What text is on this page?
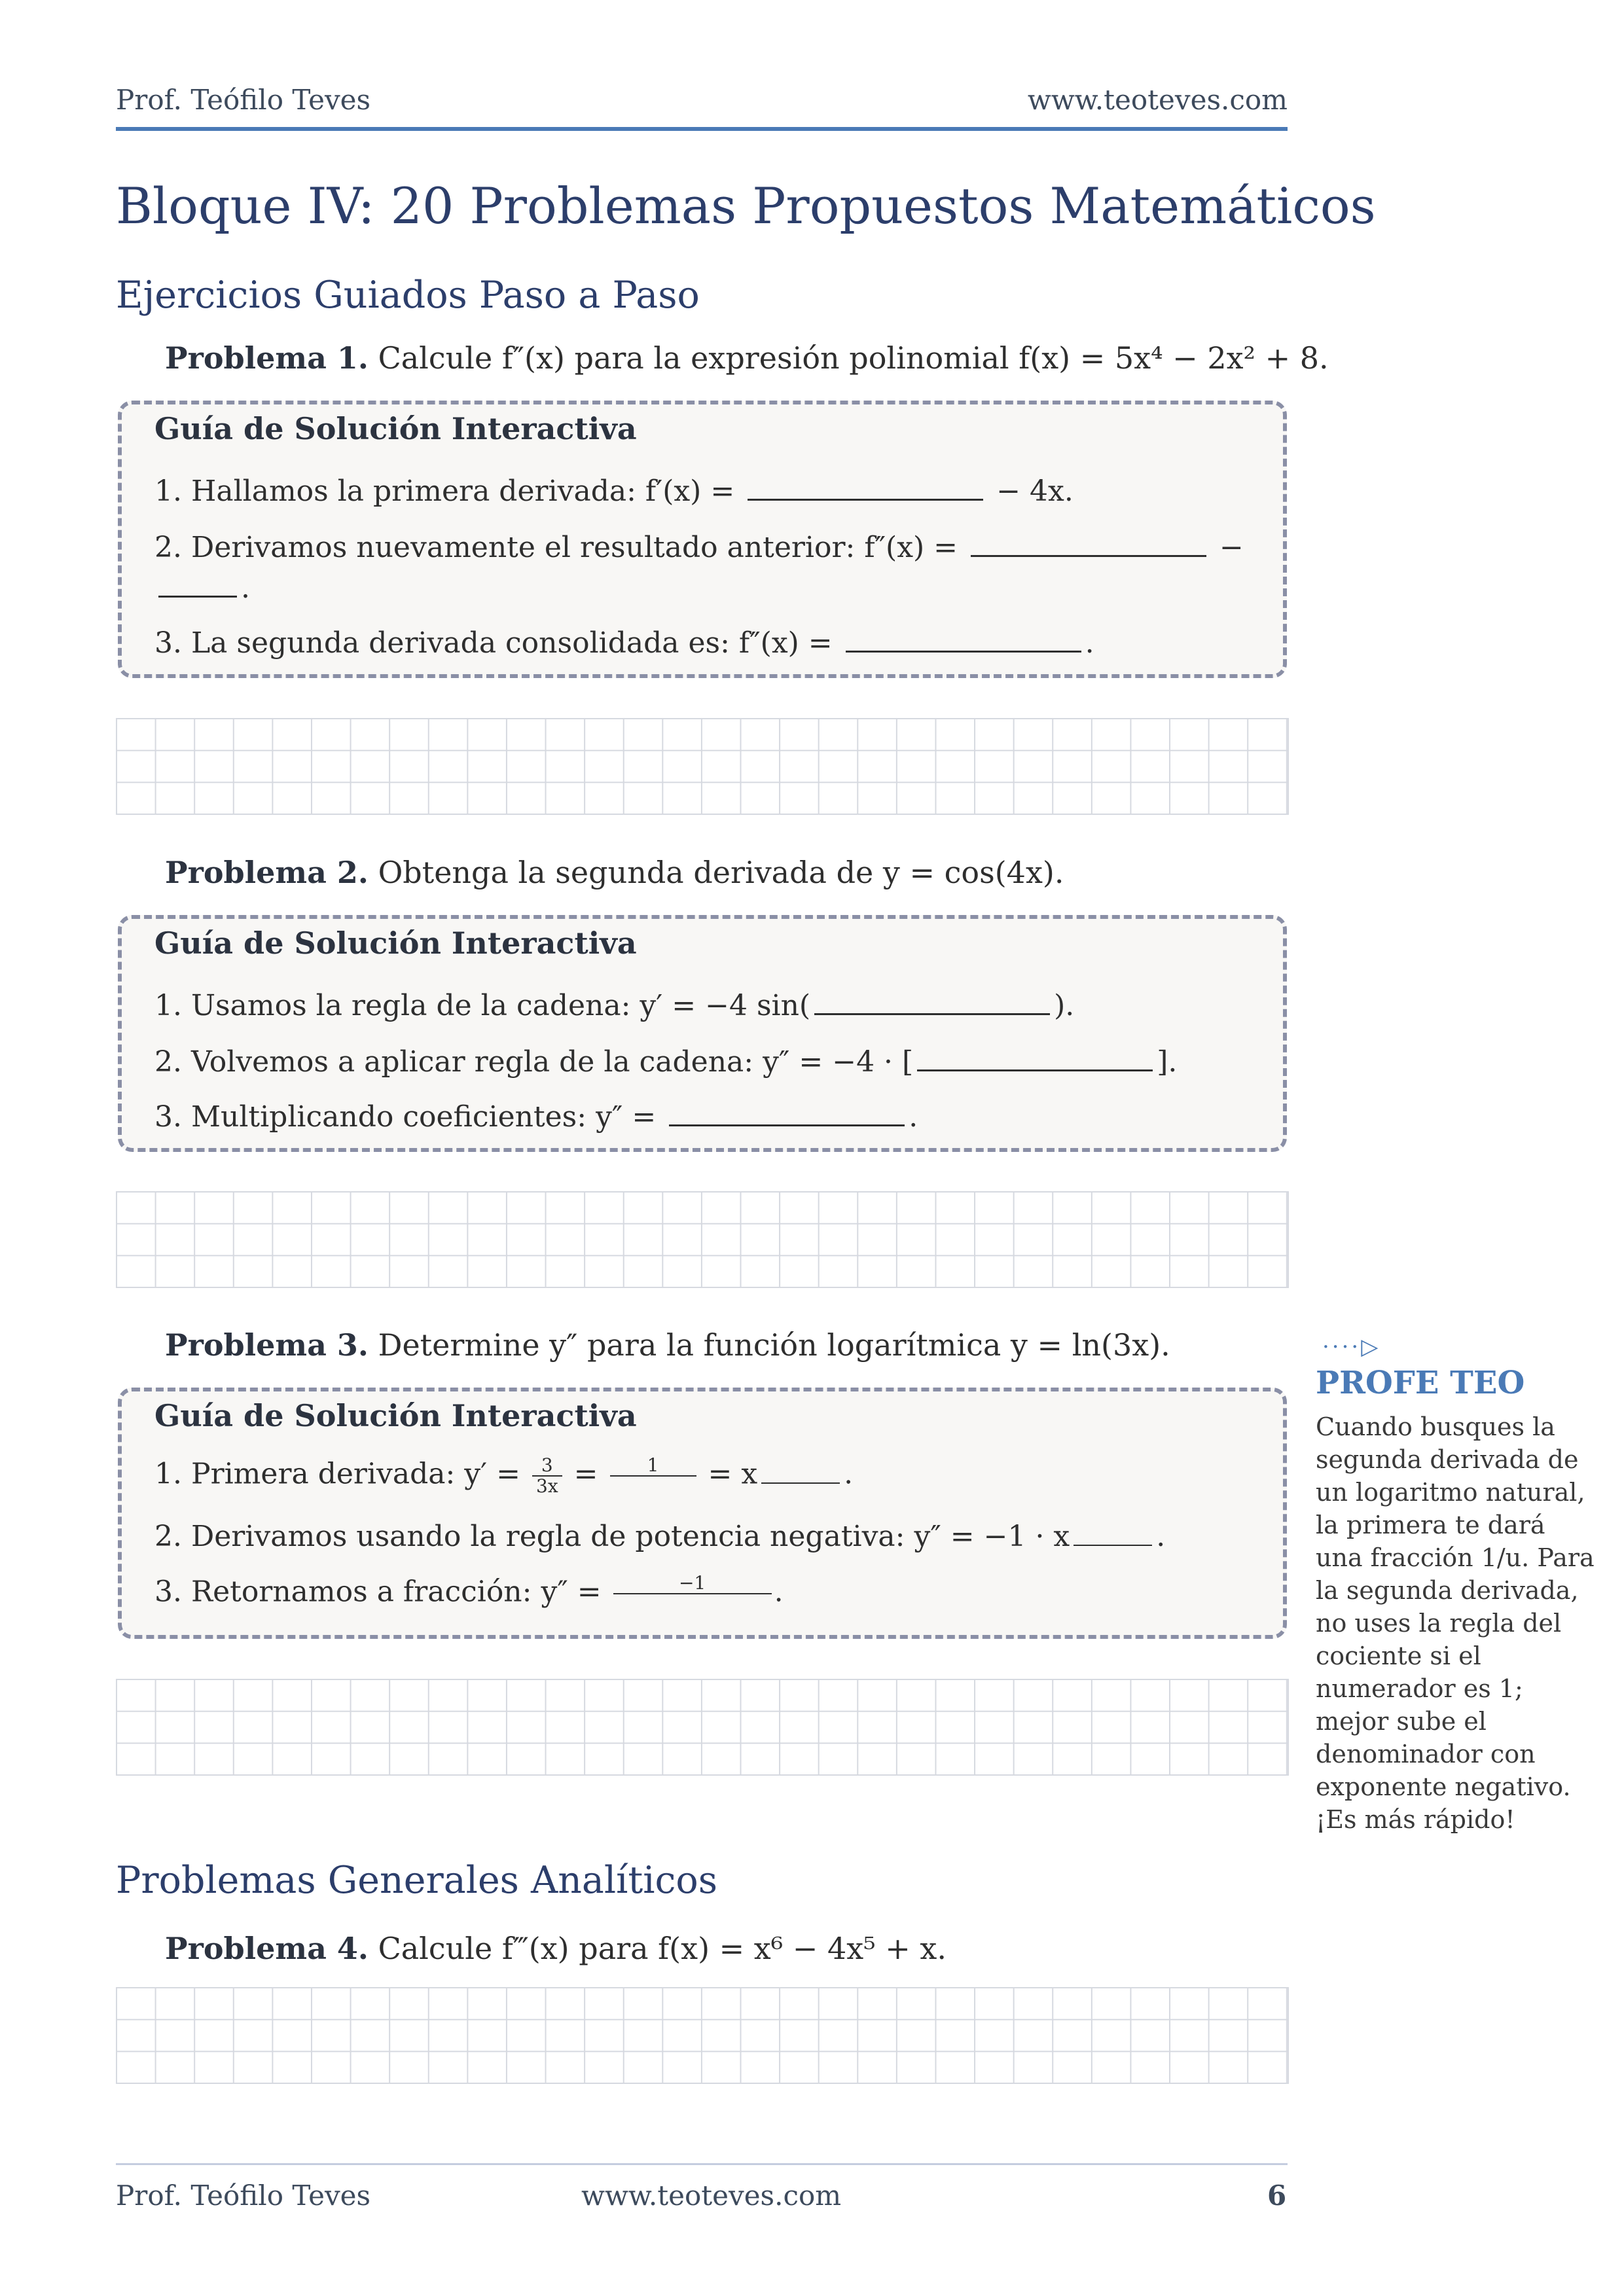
Prof. Teófilo Teves	www.teoteves.com
Bloque IV: 20 Problemas Propuestos Matemáticos
Ejercicios Guiados Paso a Paso
Problema 1. Calcule f″(x) para la expresión polinomial f(x) = 5x⁴ − 2x² + 8.
Guía de Solución Interactiva
1. Hallamos la primera derivada: f′(x) =	− 4x.
2. Derivamos nuevamente el resultado anterior: f″(x) =	−
.
3. La segunda derivada consolidada es: f″(x) =	.
Problema 2. Obtenga la segunda derivada de y = cos(4x).
Guía de Solución Interactiva
1. Usamos la regla de la cadena: y′ = −4 sin(	).
2. Volvemos a aplicar regla de la cadena: y″ = −4 · [	].
3. Multiplicando coeficientes: y″ =	.
Problema 3. Determine y″ para la función logarítmica y = ln(3x).
Guía de Solución Interactiva
1. Primera derivada: $y' = \frac{3}{3x}$ =	1
	= x	.
2. Derivamos usando la regla de potencia negativa: y″ = −1 · x	.
3. Retornamos a fracción: y″ =	−1
	.
····▷
PROFE TEO
Cuando busques la segunda derivada de un logaritmo natural, la primera te dará una fracción 1/u. Para la segunda derivada, no uses la regla del cociente si el numerador es 1; mejor sube el denominador con exponente negativo. ¡Es más rápido!
Problemas Generales Analíticos
Problema 4. Calcule f‴(x) para f(x) = x⁶ − 4x⁵ + x.
Prof. Teófilo Teves	www.teoteves.com	6
